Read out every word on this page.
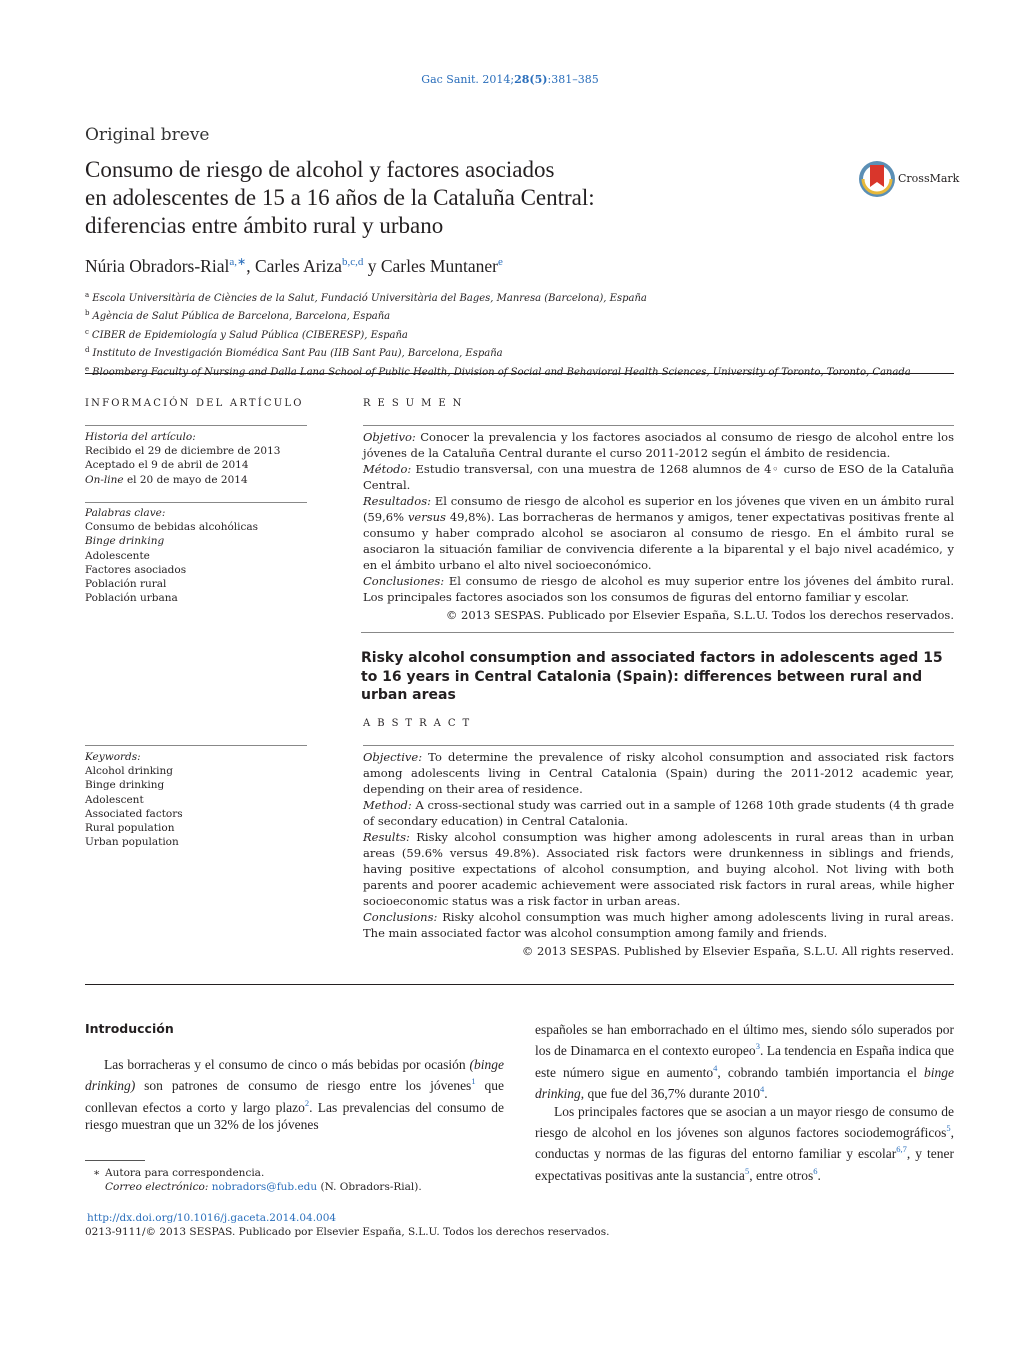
Gac Sanit. 2014;28(5):381–385
Original breve
Consumo de riesgo de alcohol y factores asociados
en adolescentes de 15 a 16 años de la Cataluña Central:
diferencias entre ámbito rural y urbano
CrossMark
Núria Obradors-Rial$^{a,∗}$, Carles Ariza$^{b,c,d}$ y Carles Muntaner$^e$
$^a$ Escola Universitària de Ciències de la Salut, Fundació Universitària del Bages, Manresa (Barcelona), España
$^b$ Agència de Salut Pública de Barcelona, Barcelona, España
$^c$ CIBER de Epidemiología y Salud Pública (CIBERESP), España
$^d$ Instituto de Investigación Biomédica Sant Pau (IIB Sant Pau), Barcelona, España
$^e$
INFORMACIÓN DEL ARTÍCULO
Historia del artículo:
Recibido el 29 de diciembre de 2013
Aceptado el 9 de abril de 2014
On-line el 20 de mayo de 2014
Palabras clave:
Consumo de bebidas alcohólicas
Binge drinking
Adolescente
Factores asociados
Población rural
Población urbana
RESUMEN

Objetivo: Conocer la prevalencia y los factores asociados al consumo de riesgo de alcohol entre los jóvenes de la Cataluña Central durante el curso 2011-2012 según el ámbito de residencia.

Método: Estudio transversal, con una muestra de 1268 alumnos de 4◦ curso de ESO de la Cataluña Central.

Resultados: El consumo de riesgo de alcohol es superior en los jóvenes que viven en un ámbito rural (59,6% versus 49,8%). Las borracheras de hermanos y amigos, tener expectativas positivas frente al consumo y haber comprado alcohol se asociaron al consumo de riesgo. En el ámbito rural se asociaron la situación familiar de convivencia diferente a la biparental y el bajo nivel académico, y en el ámbito urbano el alto nivel socioeconómico.

Conclusiones: El consumo de riesgo de alcohol es muy superior entre los jóvenes del ámbito rural. Los principales factores asociados son los consumos de figuras del entorno familiar y escolar.

© 2013 SESPAS. Publicado por Elsevier España, S.L.U. Todos los derechos reservados.

Risky alcohol consumption and associated factors in adolescents aged 15 to 16 years in Central Catalonia (Spain): differences between rural and urban areas
ABSTRACT
Keywords:
Alcohol drinking
Binge drinking
Adolescent
Associated factors
Rural population
Urban population

Objective: To determine the prevalence of risky alcohol consumption and associated risk factors among adolescents living in Central Catalonia (Spain) during the 2011-2012 academic year, depending on their area of residence.

Method: A cross-sectional study was carried out in a sample of 1268 10th grade students (4 th grade of secondary education) in Central Catalonia.

Results: Risky alcohol consumption was higher among adolescents in rural areas than in urban areas (59.6% versus 49.8%). Associated risk factors were drunkenness in siblings and friends, having positive expectations of alcohol consumption, and buying alcohol. Not living with both parents and poorer academic achievement were associated risk factors in rural areas, while higher socioeconomic status was a risk factor in urban areas.

Conclusions: Risky alcohol consumption was much higher among adolescents living in rural areas. The main associated factor was alcohol consumption among family and friends.

© 2013 SESPAS. Published by Elsevier España, S.L.U. All rights reserved.

Introducción

Las borracheras y el consumo de cinco o más bebidas por ocasión (binge drinking) son patrones de consumo de riesgo entre los jóvenes$^1$ que conllevan efectos a corto y largo plazo$^2$. Las prevalencias del consumo de riesgo muestran que un 32% de los jóvenes

españoles se han emborrachado en el último mes, siendo sólo superados por los de Dinamarca en el contexto europeo$^3$. La tendencia en España indica que este número sigue en aumento$^4$, cobrando también importancia el binge drinking, que fue del 36,7% durante 2010$^4$.

Los principales factores que se asocian a un mayor riesgo de consumo de riesgo de alcohol en los jóvenes son algunos factores sociodemográficos$^5$, conductas y normas de las figuras del entorno familiar y escolar$^{6,7}$, y tener expectativas positivas ante la sustancia$^5$, entre otros$^6$.

∗ Autora para correspondencia.
Correo electrónico: nobradors@fub.edu (N. Obradors-Rial).
http://dx.doi.org/10.1016/j.gaceta.2014.04.004
0213-9111/© 2013 SESPAS. Publicado por Elsevier España, S.L.U. Todos los derechos reservados.
